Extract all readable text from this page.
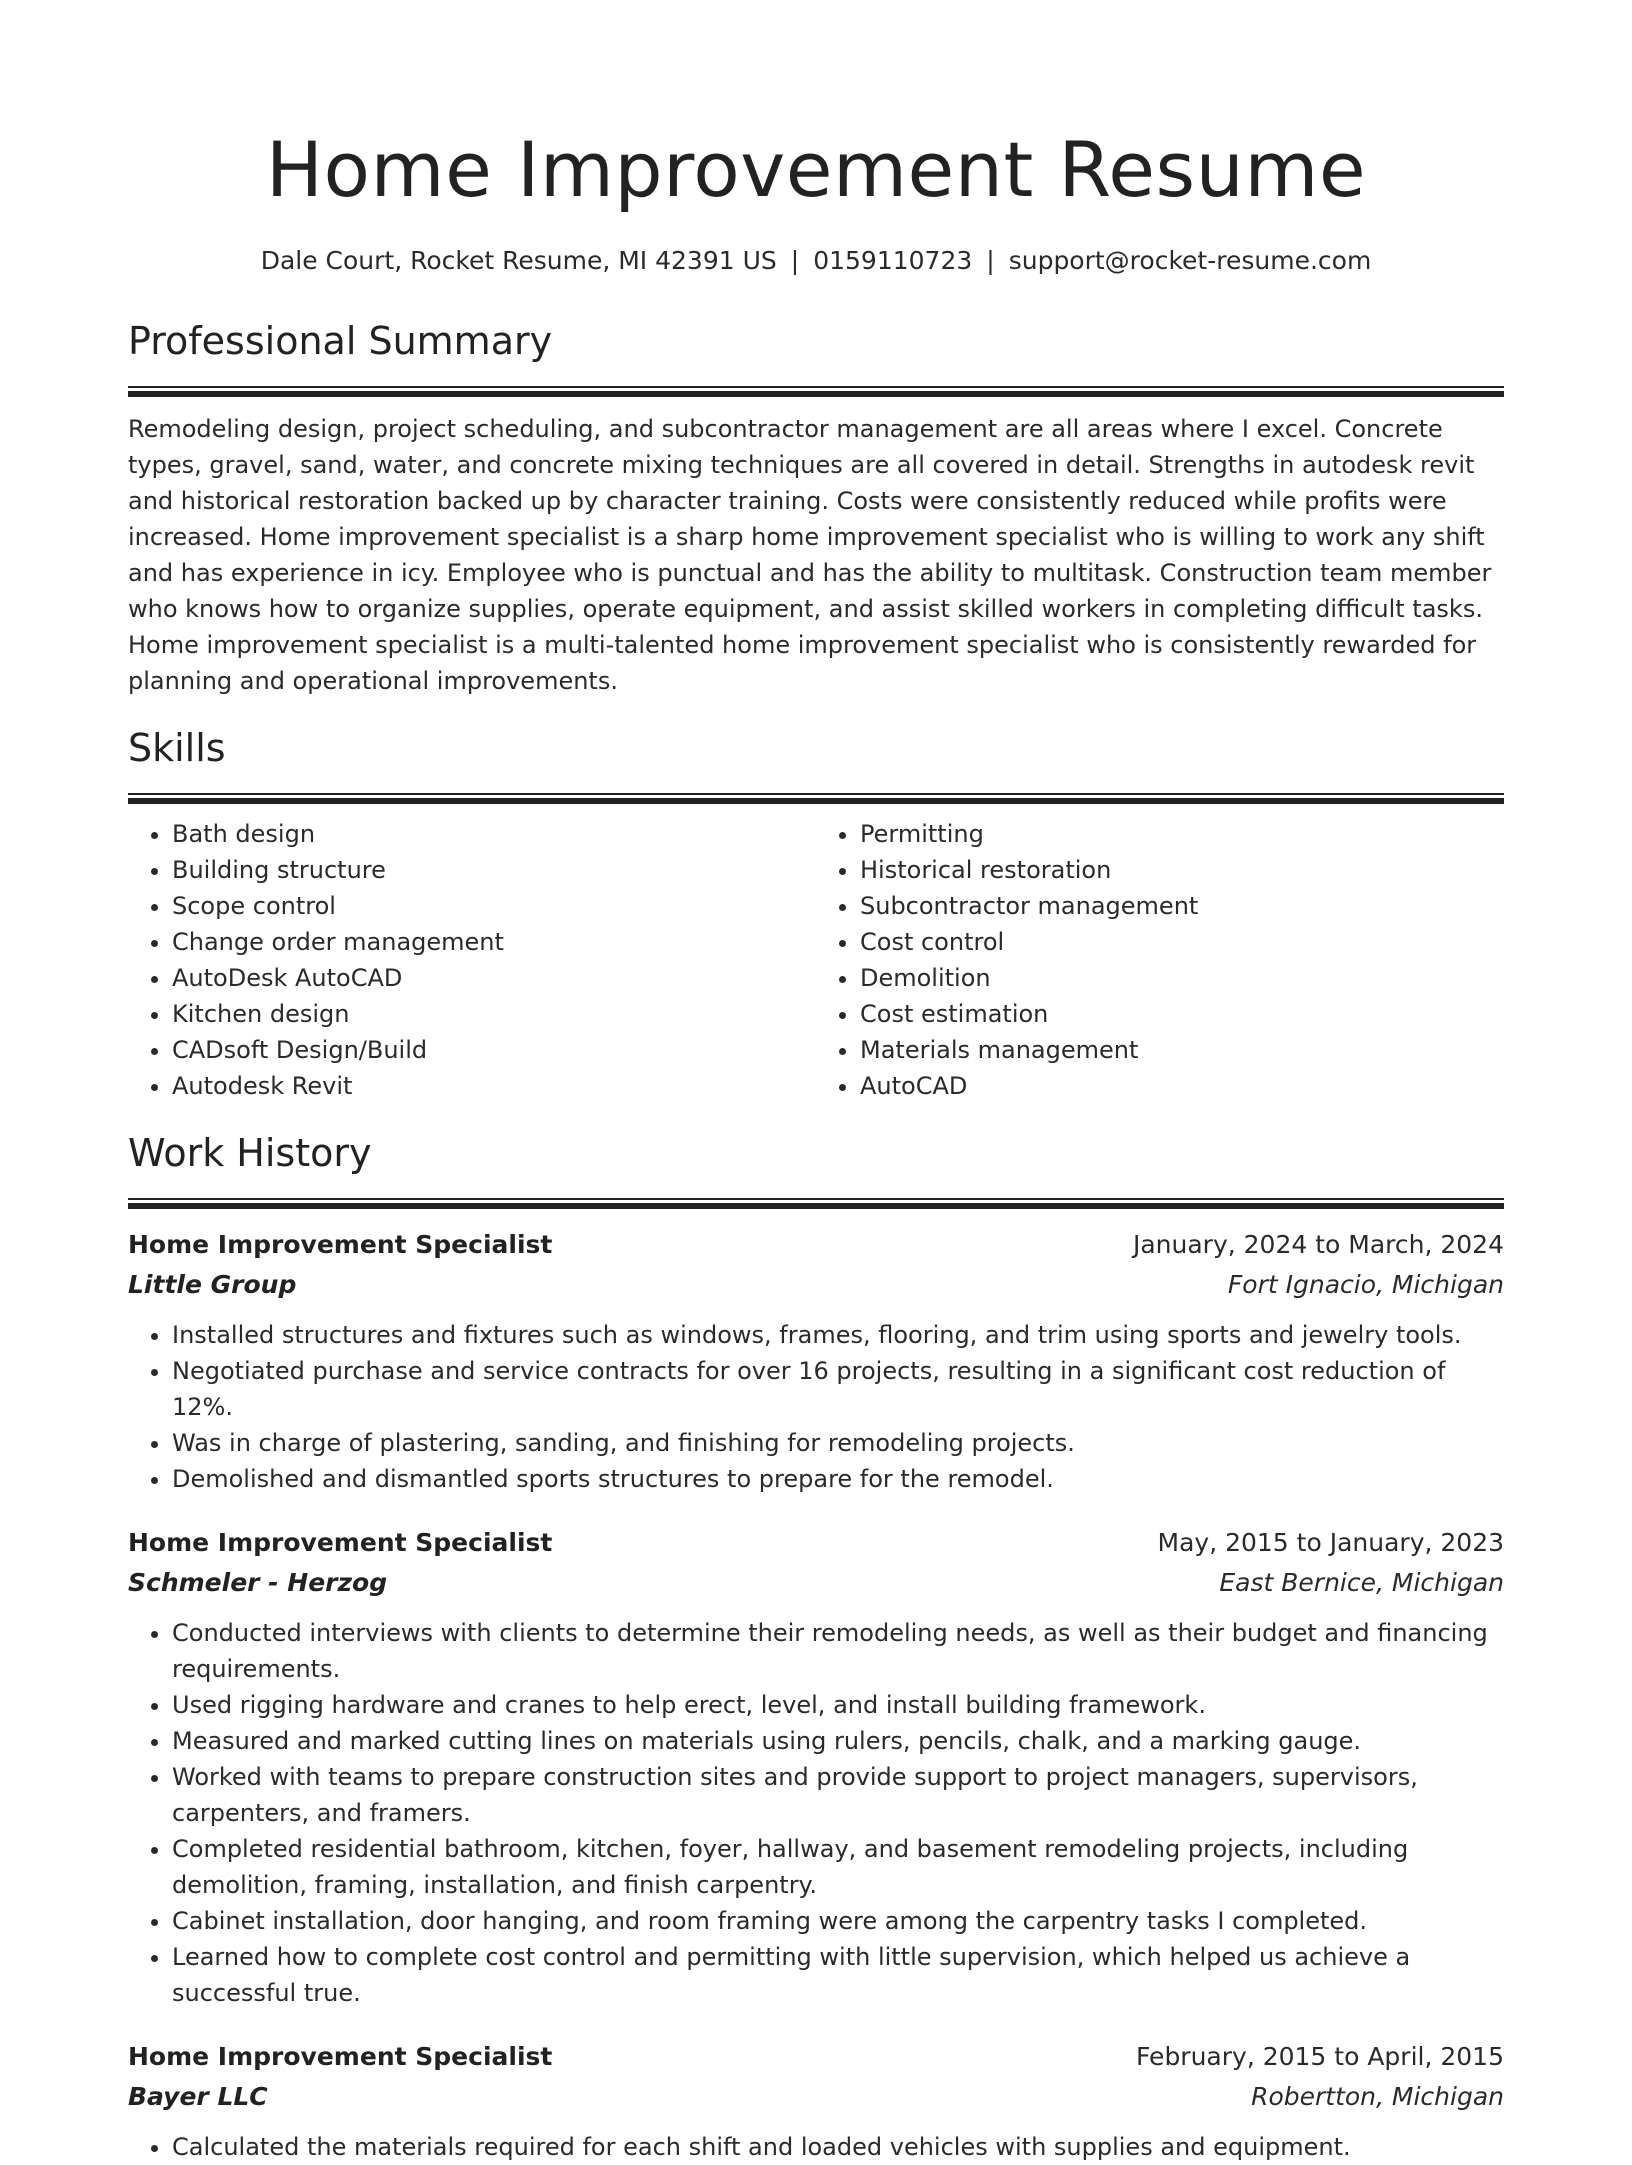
Home Improvement Resume
Dale Court, Rocket Resume, MI 42391 US | 0159110723 | support@rocket-resume.com
Professional Summary

Remodeling design, project scheduling, and subcontractor management are all areas where I excel. Concrete types, gravel, sand, water, and concrete mixing techniques are all covered in detail. Strengths in autodesk revit and historical restoration backed up by character training. Costs were consistently reduced while profits were increased. Home improvement specialist is a sharp home improvement specialist who is willing to work any shift and has experience in icy. Employee who is punctual and has the ability to multitask. Construction team member who knows how to organize supplies, operate equipment, and assist skilled workers in completing difficult tasks. Home improvement specialist is a multi-talented home improvement specialist who is consistently rewarded for planning and operational improvements.

Skills
• Bath design
• Building structure
• Scope control
• Change order management
• AutoDesk AutoCAD
• Kitchen design
• CADsoft Design/Build
• Autodesk Revit
• Permitting
• Historical restoration
• Subcontractor management
• Cost control
• Demolition
• Cost estimation
• Materials management
• AutoCAD
Work History
Home Improvement Specialist	January, 2024 to March, 2024
Little Group	Fort Ignacio, Michigan
• Installed structures and fixtures such as windows, frames, flooring, and trim using sports and jewelry tools.
• Negotiated purchase and service contracts for over 16 projects, resulting in a significant cost reduction of 12%.
• Was in charge of plastering, sanding, and finishing for remodeling projects.
• Demolished and dismantled sports structures to prepare for the remodel.
Home Improvement Specialist	May, 2015 to January, 2023
Schmeler - Herzog	East Bernice, Michigan
• Conducted interviews with clients to determine their remodeling needs, as well as their budget and financing requirements.
• Used rigging hardware and cranes to help erect, level, and install building framework.
• Measured and marked cutting lines on materials using rulers, pencils, chalk, and a marking gauge.
• Worked with teams to prepare construction sites and provide support to project managers, supervisors, carpenters, and framers.
• Completed residential bathroom, kitchen, foyer, hallway, and basement remodeling projects, including demolition, framing, installation, and finish carpentry.
• Cabinet installation, door hanging, and room framing were among the carpentry tasks I completed.
• Learned how to complete cost control and permitting with little supervision, which helped us achieve a successful true.
Home Improvement Specialist	February, 2015 to April, 2015
Bayer LLC	Robertton, Michigan
• Calculated the materials required for each shift and loaded vehicles with supplies and equipment.
